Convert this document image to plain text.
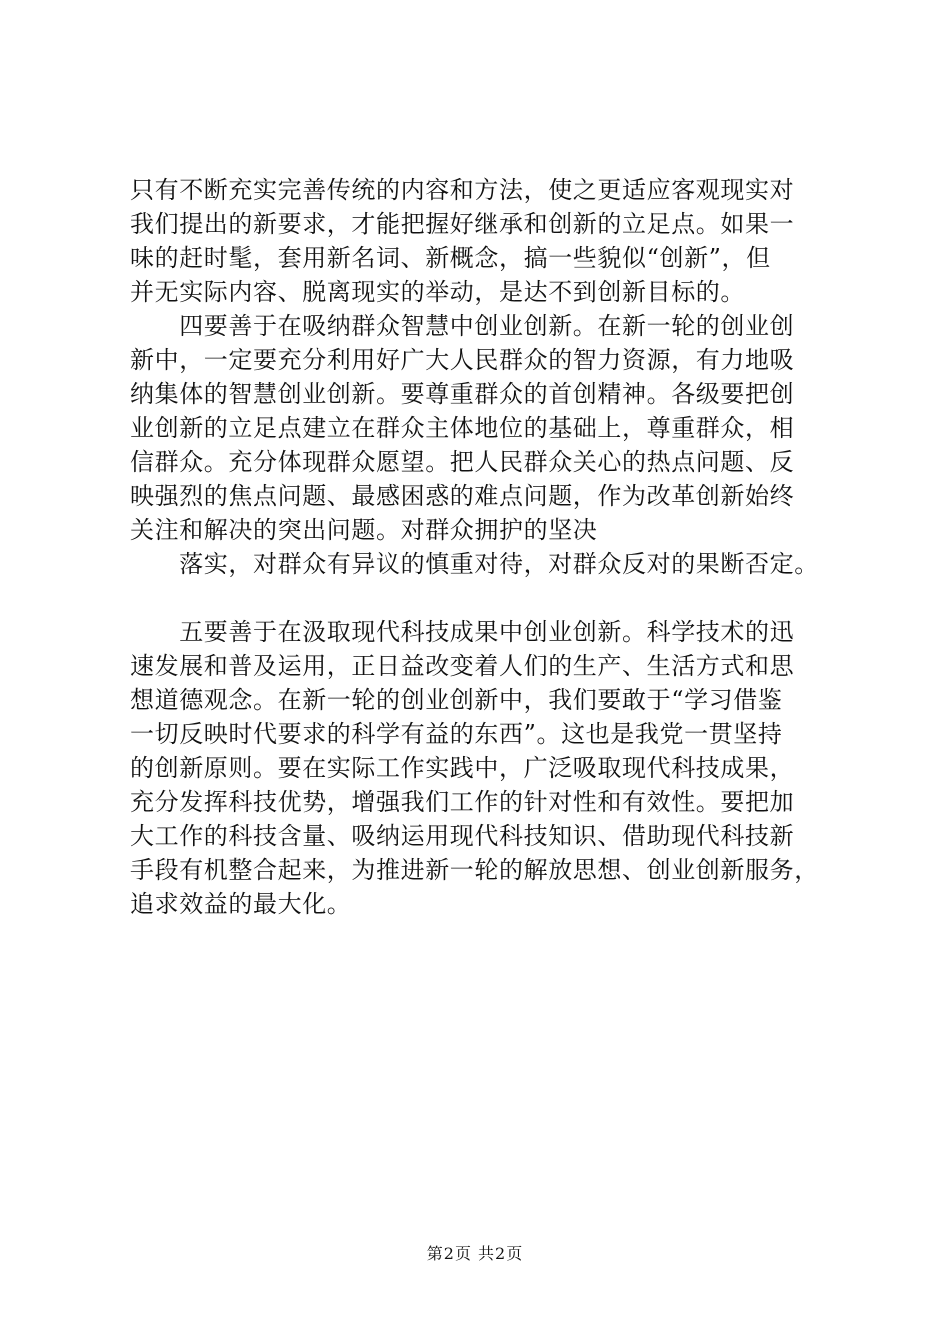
只有不断充实完善传统的内容和方法，使之更适应客观现实对
我们提出的新要求，才能把握好继承和创新的立足点。如果一
味的赶时髦，套用新名词、新概念，搞一些貌似“创新”，但
并无实际内容、脱离现实的举动，是达不到创新目标的。
　　四要善于在吸纳群众智慧中创业创新。在新一轮的创业创
新中，一定要充分利用好广大人民群众的智力资源，有力地吸
纳集体的智慧创业创新。要尊重群众的首创精神。各级要把创
业创新的立足点建立在群众主体地位的基础上，尊重群众，相
信群众。充分体现群众愿望。把人民群众关心的热点问题、反
映强烈的焦点问题、最感困惑的难点问题，作为改革创新始终
关注和解决的突出问题。对群众拥护的坚决
　　落实，对群众有异议的慎重对待，对群众反对的果断否定。
　　五要善于在汲取现代科技成果中创业创新。科学技术的迅
速发展和普及运用，正日益改变着人们的生产、生活方式和思
想道德观念。在新一轮的创业创新中，我们要敢于“学习借鉴
一切反映时代要求的科学有益的东西”。这也是我党一贯坚持
的创新原则。要在实际工作实践中，广泛吸取现代科技成果，
充分发挥科技优势，增强我们工作的针对性和有效性。要把加
大工作的科技含量、吸纳运用现代科技知识、借助现代科技新
手段有机整合起来，为推进新一轮的解放思想、创业创新服务，
追求效益的最大化。
第2页 共2页
